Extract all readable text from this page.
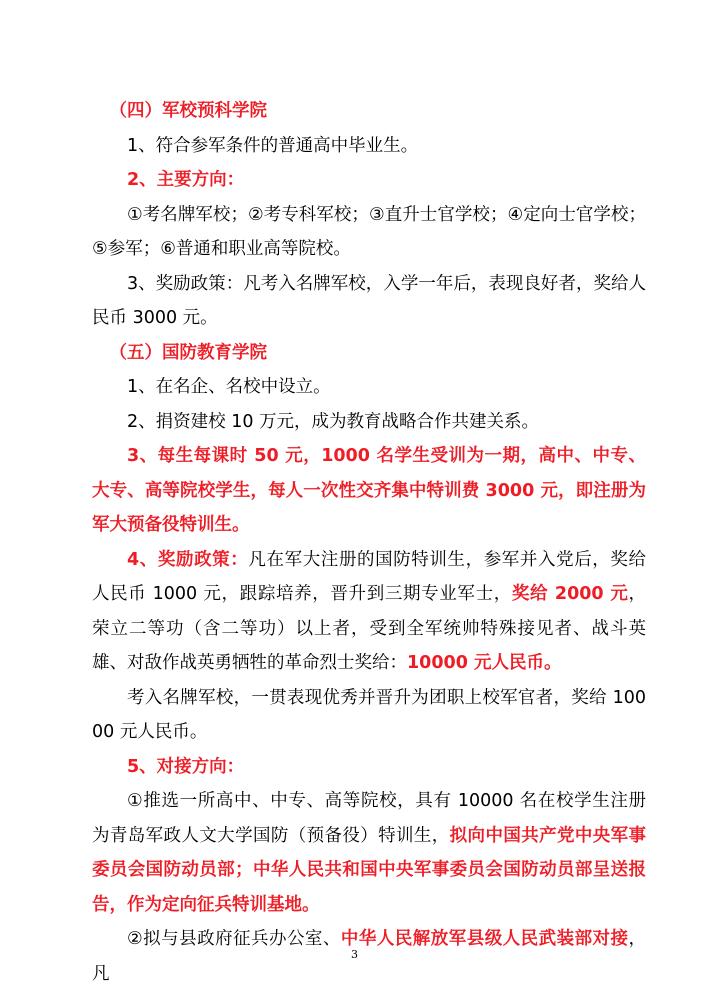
（四）军校预科学院

1、符合参军条件的普通高中毕业生。

2、主要方向：

①考名牌军校；②考专科军校；③直升士官学校；④定向士官学校；⑤参军；⑥普通和职业高等院校。

3、奖励政策：凡考入名牌军校，入学一年后，表现良好者，奖给人民币 3000 元。

（五）国防教育学院

1、在名企、名校中设立。

2、捐资建校 10 万元，成为教育战略合作共建关系。

3、每生每课时 50 元，1000 名学生受训为一期，高中、中专、大专、高等院校学生，每人一次性交齐集中特训费 3000 元，即注册为军大预备役特训生。

4、奖励政策：凡在军大注册的国防特训生，参军并入党后，奖给人民币 1000 元，跟踪培养，晋升到三期专业军士，奖给 2000 元，荣立二等功（含二等功）以上者，受到全军统帅特殊接见者、战斗英雄、对敌作战英勇牺牲的革命烈士奖给：10000 元人民币。

考入名牌军校，一贯表现优秀并晋升为团职上校军官者，奖给 10000 元人民币。

5、对接方向：

①推选一所高中、中专、高等院校，具有 10000 名在校学生注册为青岛军政人文大学国防（预备役）特训生，拟向中国共产党中央军事委员会国防动员部；中华人民共和国中央军事委员会国防动员部呈送报告，作为定向征兵特训基地。

②拟与县政府征兵办公室、中华人民解放军县级人民武装部对接，凡

3
